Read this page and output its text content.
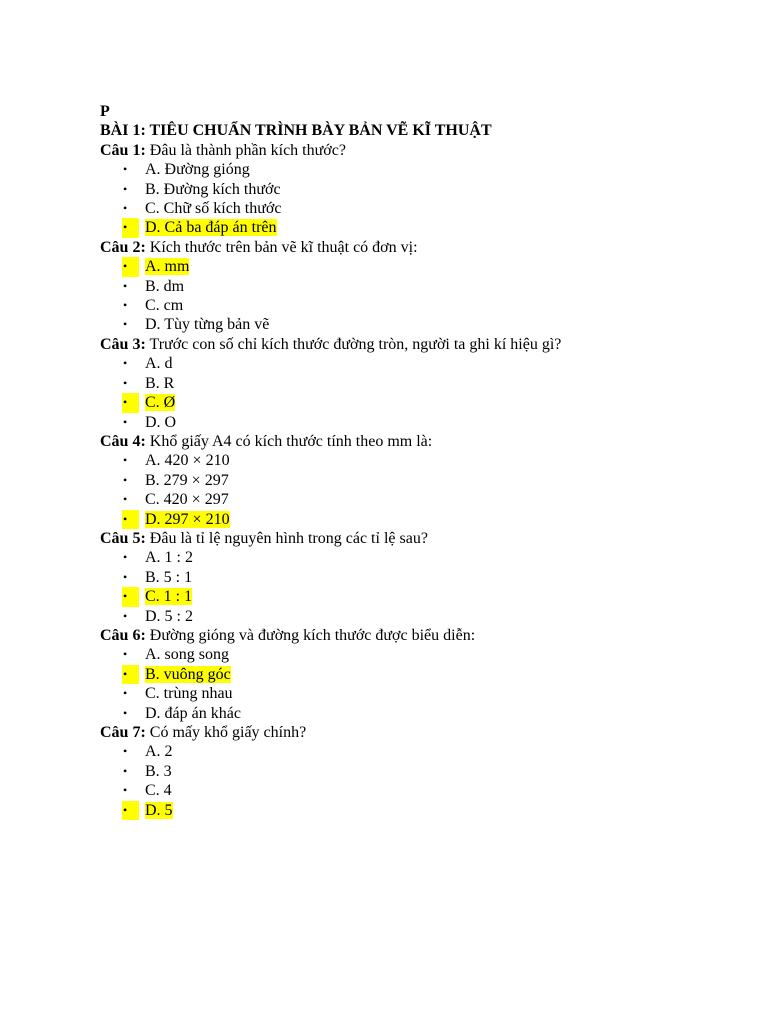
P
BÀI 1: TIÊU CHUẨN TRÌNH BÀY BẢN VẼ KĨ THUẬT
Câu 1: Đâu là thành phần kích thước?
• A. Đường gióng
• B. Đường kích thước
• C. Chữ số kích thước
• D. Cả ba đáp án trên
Câu 2: Kích thước trên bản vẽ kĩ thuật có đơn vị:
• A. mm
• B. dm
• C. cm
• D. Tùy từng bản vẽ
Câu 3: Trước con số chỉ kích thước đường tròn, người ta ghi kí hiệu gì?
• A. d
• B. R
• C. Ø
• D. O
Câu 4: Khổ giấy A4 có kích thước tính theo mm là:
• A. 420 × 210
• B. 279 × 297
• C. 420 × 297
• D. 297 × 210
Câu 5: Đâu là tỉ lệ nguyên hình trong các tỉ lệ sau?
• A. 1 : 2
• B. 5 : 1
• C. 1 : 1
• D. 5 : 2
Câu 6: Đường gióng và đường kích thước được biểu diễn:
• A. song song
• B. vuông góc
• C. trùng nhau
• D. đáp án khác
Câu 7: Có mấy khổ giấy chính?
• A. 2
• B. 3
• C. 4
• D. 5
